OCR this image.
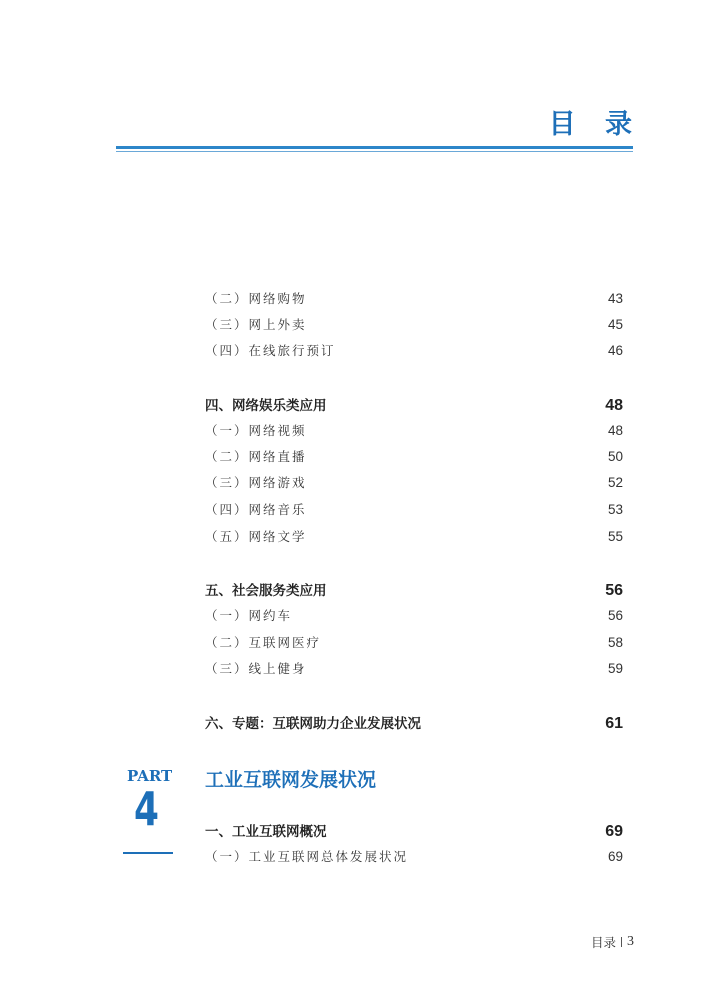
目 录
（二）网络购物	43
（三）网上外卖	45
（四）在线旅行预订	46
四、网络娱乐类应用	48
（一）网络视频	48
（二）网络直播	50
（三）网络游戏	52
（四）网络音乐	53
（五）网络文学	55
五、社会服务类应用	56
（一）网约车	56
（二）互联网医疗	58
（三）线上健身	59
六、专题：互联网助力企业发展状况	61
PART
4
工业互联网发展状况
一、工业互联网概况	69
（一）工业互联网总体发展状况	69
目录 3
